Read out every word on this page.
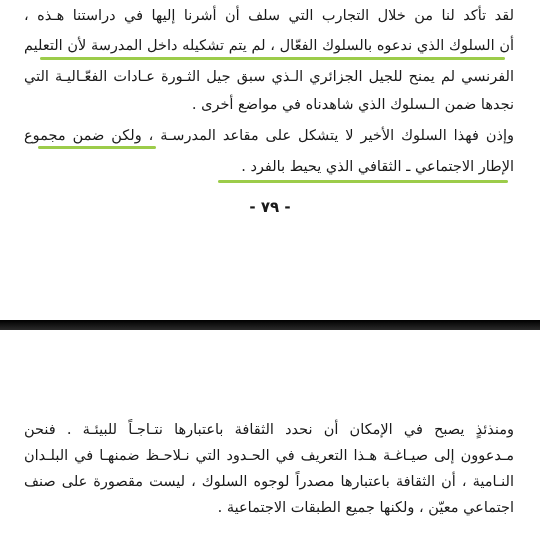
لقد تأكد لنا من خلال التجارب التي سلف أن أشرنا إليها في دراستنا هـذه ،
أن السلوك الذي ندعوه بالسلوك الفعّال ، لم يتم تشكيله داخل المدرسة لأن التعليم
الفرنسي لم يمنح للجيل الجزائري الـذي سبق جيل الثـورة عـادات الفعّـاليـة التي
نجدها ضمن الـسلوك الذي شاهدناه في مواضع أخرى .
وإذن فهذا السلوك الأخير لا يتشكل على مقاعد المدرسـة ، ولكن ضمن مجموع
الإطار الاجتماعي ـ الثقافي الذي يحيط بالفرد .
- ٧٩ -
ومنذئذٍ يصبح في الإمكان أن نحدد الثقافة باعتبارها نتـاجـاً للبيئـة . فنحن
مـدعوون إلى صيـاغـة هـذا التعريف في الحـدود التي نـلاحـظ ضمنهـا في البلـدان
النـامية ، أن الثقافة باعتبارها مصدراً لوجوه السلوك ، ليست مقصورة على صنف
اجتماعي معيّن ، ولكنها جميع الطبقات الاجتماعية .
